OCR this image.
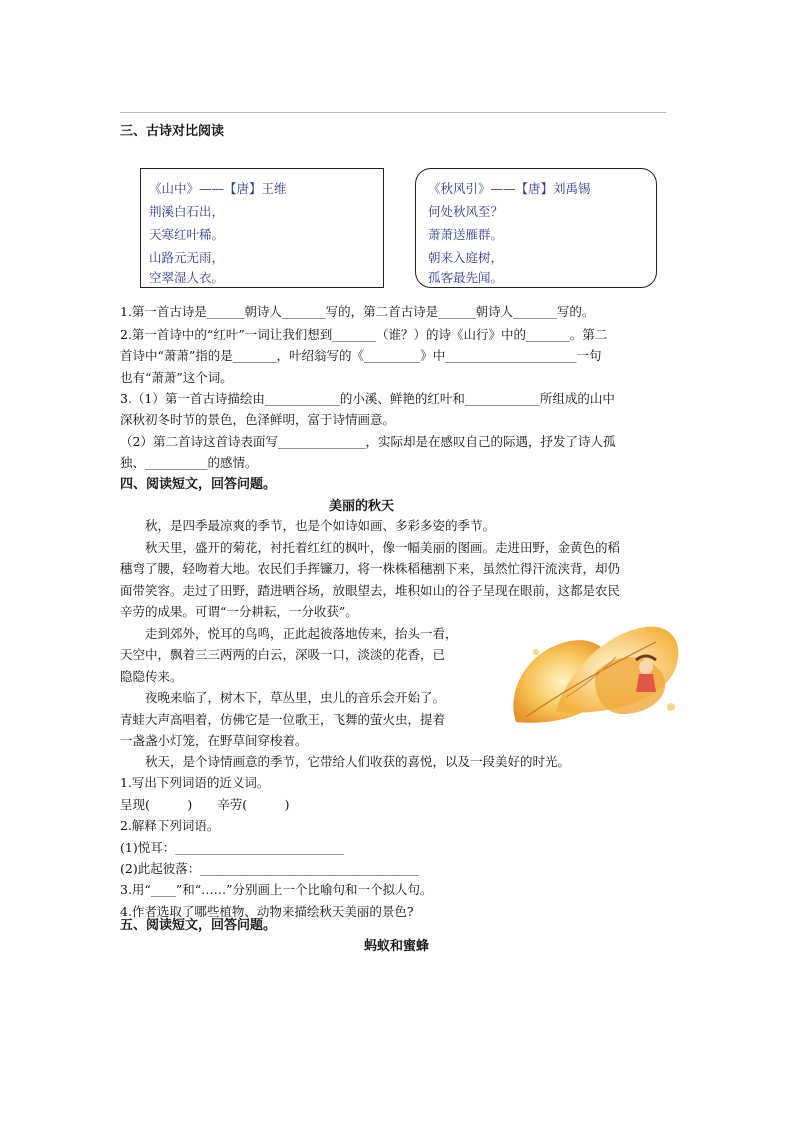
三、古诗对比阅读
《山中》——【唐】王维
荆溪白石出，
天寒红叶稀。
山路元无雨，
空翠湿人衣。
《秋风引》——【唐】刘禹锡
何处秋风至？
萧萧送雁群。
朝来入庭树，
孤客最先闻。
1.第一首古诗是______朝诗人_______写的，第二首古诗是______朝诗人_______写的。
2.第一首诗中的“红叶”一词让我们想到_______（谁？）的诗《山行》中的_______。第二
首诗中“萧萧”指的是_______，叶绍翁写的《_________》中_____________________一句
也有“萧萧”这个词。
3.（1）第一首古诗描绘由____________的小溪、鲜艳的红叶和____________所组成的山中
深秋初冬时节的景色，色泽鲜明，富于诗情画意。
（2）第二首诗这首诗表面写______________，实际却是在感叹自己的际遇，抒发了诗人孤
独、__________的感情。
四、阅读短文，回答问题。
美丽的秋天
秋，是四季最凉爽的季节，也是个如诗如画、多彩多姿的季节。
秋天里，盛开的菊花，衬托着红红的枫叶，像一幅美丽的图画。走进田野，金黄色的稻
穗弯了腰，轻吻着大地。农民们手挥镰刀，将一株株稻穗割下来，虽然忙得汗流浃背，却仍
面带笑容。走过了田野，踏进晒谷场，放眼望去，堆积如山的谷子呈现在眼前，这都是农民
辛劳的成果。可谓“一分耕耘，一分收获”。
走到郊外，悦耳的鸟鸣，正此起彼落地传来，抬头一看，
天空中，飘着三三两两的白云，深吸一口，淡淡的花香，已
隐隐传来。
夜晚来临了，树木下，草丛里，虫儿的音乐会开始了。
青蛙大声高唱着，仿佛它是一位歌王，飞舞的萤火虫，提着
一盏盏小灯笼，在野草间穿梭着。
秋天，是个诗情画意的季节，它带给人们收获的喜悦，以及一段美好的时光。
1.写出下列词语的近义词。
呈现(　　　)　　辛劳(　　　)
2.解释下列词语。
(1)悦耳：___________________________
(2)此起彼落：___________________________________
3.用“____”和“……”分别画上一个比喻句和一个拟人句。
4.作者选取了哪些植物、动物来描绘秋天美丽的景色?
五、阅读短文，回答问题。
蚂蚁和蜜蜂
